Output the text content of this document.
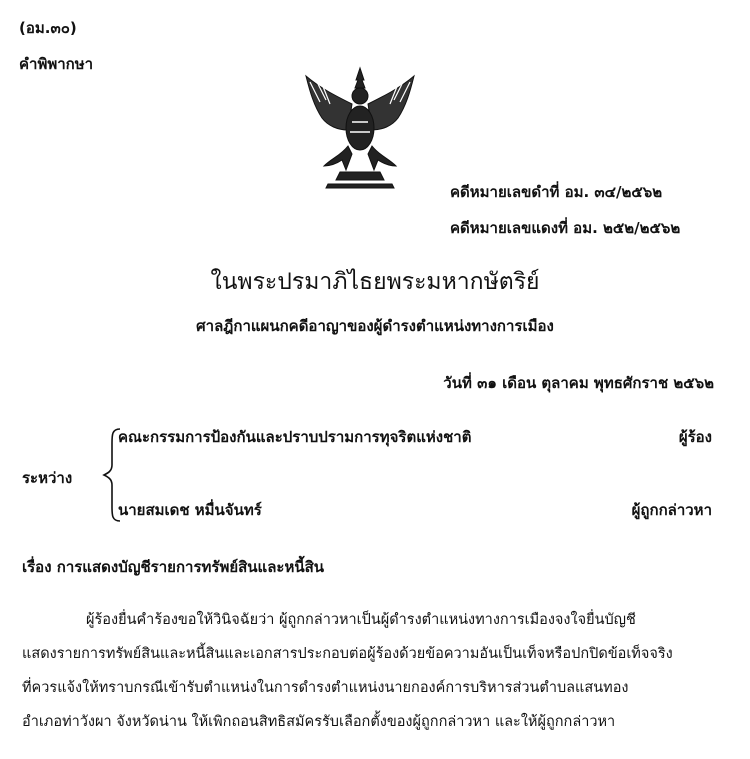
(อม.๓๐)
คำพิพากษา
คดีหมายเลขดำที่ อม. ๓๔/๒๕๖๒
คดีหมายเลขแดงที่ อม. ๒๕๒/๒๕๖๒
ในพระปรมาภิไธยพระมหากษัตริย์
ศาลฎีกาแผนกคดีอาญาของผู้ดำรงตำแหน่งทางการเมือง
วันที่ ๓๑ เดือน ตุลาคม พุทธศักราช ๒๕๖๒
คณะกรรมการป้องกันและปราบปรามการทุจริตแห่งชาติ	ผู้ร้อง
ระหว่าง
นายสมเดช หมื่นจันทร์	ผู้ถูกกล่าวหา
เรื่อง การแสดงบัญชีรายการทรัพย์สินและหนี้สิน

ผู้ร้องยื่นคำร้องขอให้วินิจฉัยว่า ผู้ถูกกล่าวหาเป็นผู้ดำรงตำแหน่งทางการเมืองจงใจยื่นบัญชี

แสดงรายการทรัพย์สินและหนี้สินและเอกสารประกอบต่อผู้ร้องด้วยข้อความอันเป็นเท็จหรือปกปิดข้อเท็จจริง

ที่ควรแจ้งให้ทราบกรณีเข้ารับตำแหน่งในการดำรงตำแหน่งนายกองค์การบริหารส่วนตำบลแสนทอง

อำเภอท่าวังผา จังหวัดน่าน ให้เพิกถอนสิทธิสมัครรับเลือกตั้งของผู้ถูกกล่าวหา และให้ผู้ถูกกล่าวหา
